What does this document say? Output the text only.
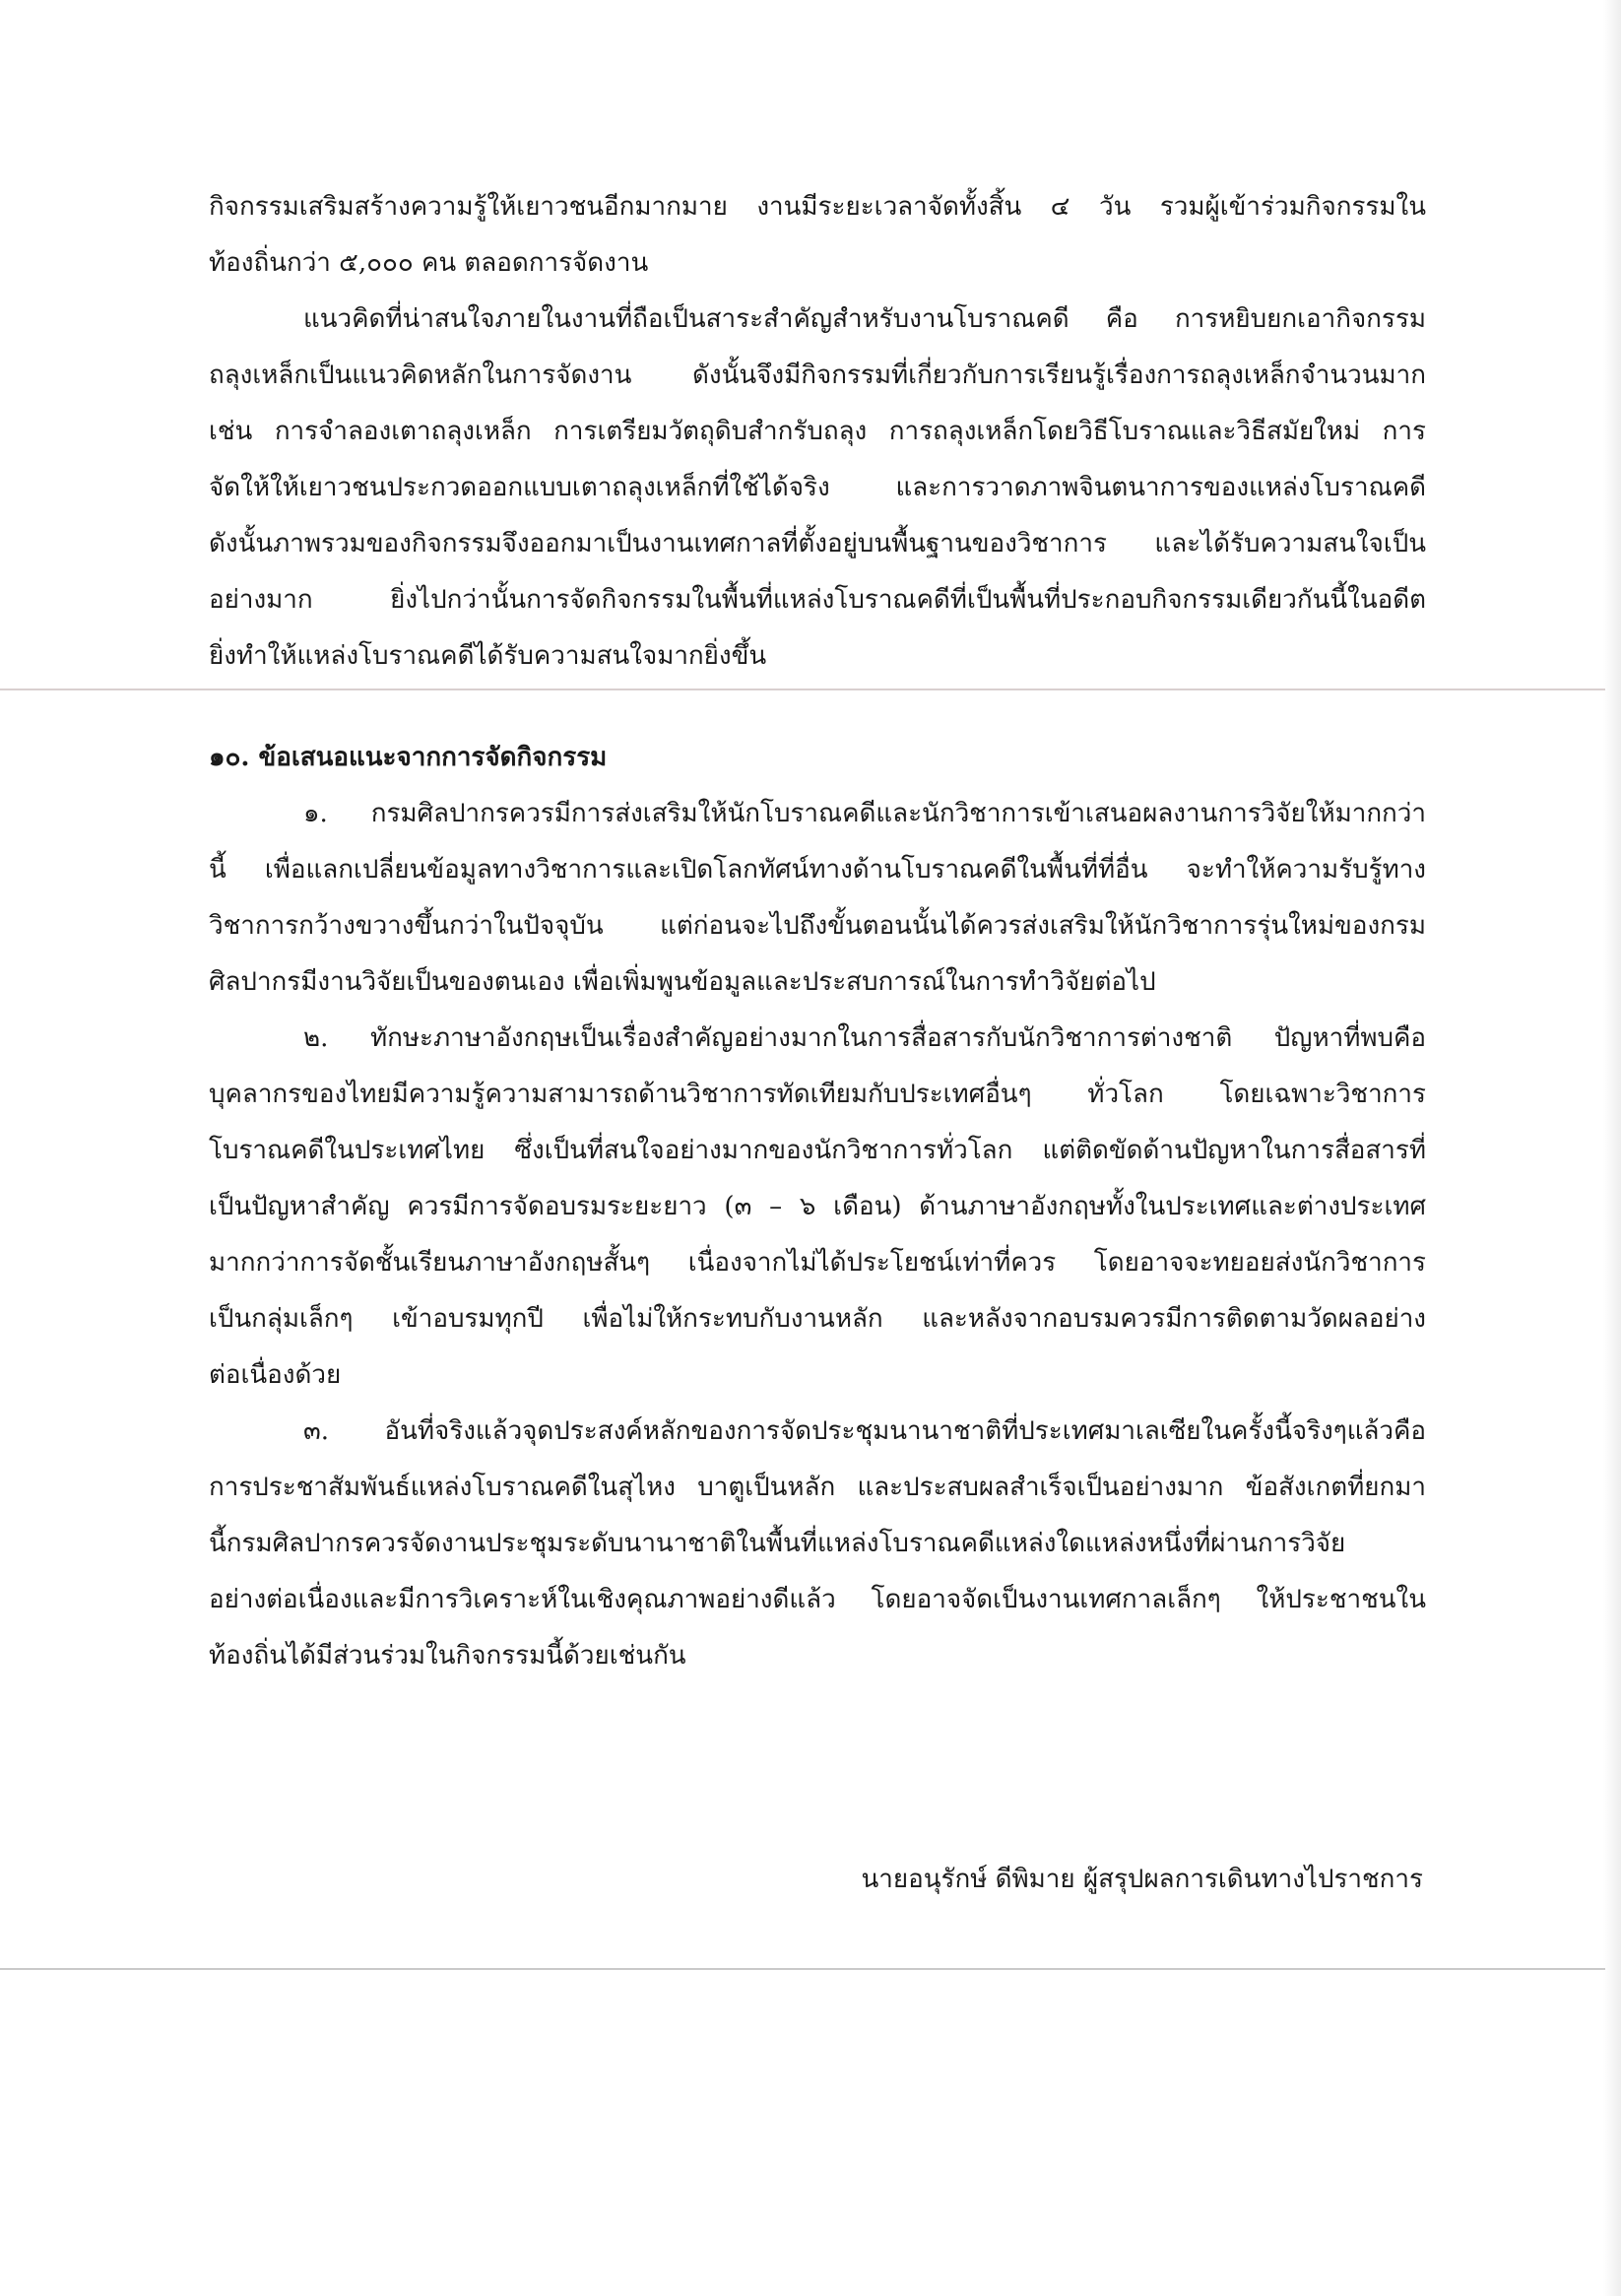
กิจกรรมเสริมสร้างความรู้ให้เยาวชนอีกมากมาย งานมีระยะเวลาจัดทั้งสิ้น ๔ วัน รวมผู้เข้าร่วมกิจกรรมใน

ท้องถิ่นกว่า ๕,๐๐๐ คน ตลอดการจัดงาน

แนวคิดที่น่าสนใจภายในงานที่ถือเป็นสาระสำคัญสำหรับงานโบราณคดี คือ การหยิบยกเอากิจกรรม

ถลุงเหล็กเป็นแนวคิดหลักในการจัดงาน ดังนั้นจึงมีกิจกรรมที่เกี่ยวกับการเรียนรู้เรื่องการถลุงเหล็กจำนวนมาก

เช่น การจำลองเตาถลุงเหล็ก การเตรียมวัตถุดิบสำกรับถลุง การถลุงเหล็กโดยวิธีโบราณและวิธีสมัยใหม่ การ

จัดให้ให้เยาวชนประกวดออกแบบเตาถลุงเหล็กที่ใช้ได้จริง และการวาดภาพจินตนาการของแหล่งโบราณคดี

ดังนั้นภาพรวมของกิจกรรมจึงออกมาเป็นงานเทศกาลที่ตั้งอยู่บนพื้นฐานของวิชาการ และได้รับความสนใจเป็น

อย่างมาก ยิ่งไปกว่านั้นการจัดกิจกรรมในพื้นที่แหล่งโบราณคดีที่เป็นพื้นที่ประกอบกิจกรรมเดียวกันนี้ในอดีต

ยิ่งทำให้แหล่งโบราณคดีได้รับความสนใจมากยิ่งขึ้น

๑๐. ข้อเสนอแนะจากการจัดกิจกรรม

๑. กรมศิลปากรควรมีการส่งเสริมให้นักโบราณคดีและนักวิชาการเข้าเสนอผลงานการวิจัยให้มากกว่า

นี้ เพื่อแลกเปลี่ยนข้อมูลทางวิชาการและเปิดโลกทัศน์ทางด้านโบราณคดีในพื้นที่ที่อื่น จะทำให้ความรับรู้ทาง

วิชาการกว้างขวางขึ้นกว่าในปัจจุบัน แต่ก่อนจะไปถึงขั้นตอนนั้นได้ควรส่งเสริมให้นักวิชาการรุ่นใหม่ของกรม

ศิลปากรมีงานวิจัยเป็นของตนเอง เพื่อเพิ่มพูนข้อมูลและประสบการณ์ในการทำวิจัยต่อไป

๒. ทักษะภาษาอังกฤษเป็นเรื่องสำคัญอย่างมากในการสื่อสารกับนักวิชาการต่างชาติ ปัญหาที่พบคือ

บุคลากรของไทยมีความรู้ความสามารถด้านวิชาการทัดเทียมกับประเทศอื่นๆ ทั่วโลก โดยเฉพาะวิชาการ

โบราณคดีในประเทศไทย ซึ่งเป็นที่สนใจอย่างมากของนักวิชาการทั่วโลก แต่ติดขัดด้านปัญหาในการสื่อสารที่

เป็นปัญหาสำคัญ ควรมีการจัดอบรมระยะยาว (๓ – ๖ เดือน) ด้านภาษาอังกฤษทั้งในประเทศและต่างประเทศ

มากกว่าการจัดชั้นเรียนภาษาอังกฤษสั้นๆ เนื่องจากไม่ได้ประโยชน์เท่าที่ควร โดยอาจจะทยอยส่งนักวิชาการ

เป็นกลุ่มเล็กๆ เข้าอบรมทุกปี เพื่อไม่ให้กระทบกับงานหลัก และหลังจากอบรมควรมีการติดตามวัดผลอย่าง

ต่อเนื่องด้วย

๓. อันที่จริงแล้วจุดประสงค์หลักของการจัดประชุมนานาชาติที่ประเทศมาเลเซียในครั้งนี้จริงๆแล้วคือ

การประชาสัมพันธ์แหล่งโบราณคดีในสุไหง บาตูเป็นหลัก และประสบผลสำเร็จเป็นอย่างมาก ข้อสังเกตที่ยกมา

นี้กรมศิลปากรควรจัดงานประชุมระดับนานาชาติในพื้นที่แหล่งโบราณคดีแหล่งใดแหล่งหนึ่งที่ผ่านการวิจัย

อย่างต่อเนื่องและมีการวิเคราะห์ในเชิงคุณภาพอย่างดีแล้ว โดยอาจจัดเป็นงานเทศกาลเล็กๆ ให้ประชาชนใน

ท้องถิ่นได้มีส่วนร่วมในกิจกรรมนี้ด้วยเช่นกัน

นายอนุรักษ์ ดีพิมาย ผู้สรุปผลการเดินทางไปราชการ
